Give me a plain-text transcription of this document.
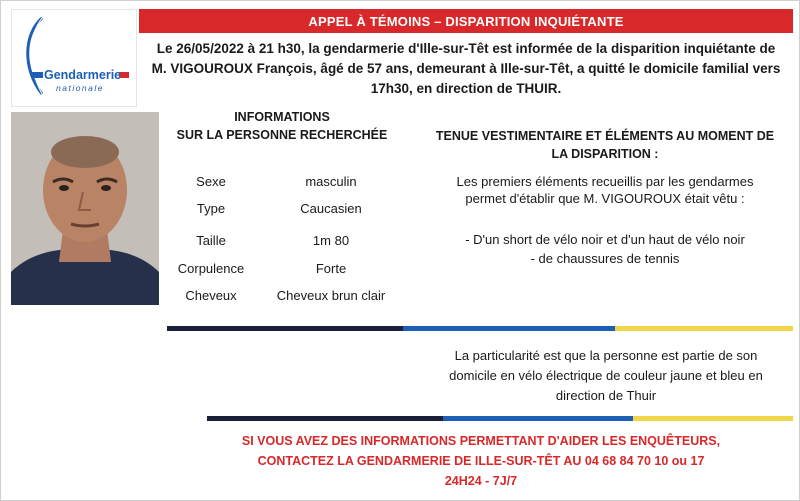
Gendarmerie
nationale
APPEL À TÉMOINS – DISPARITION INQUIÉTANTE
Le 26/05/2022 à 21 h30, la gendarmerie d'Ille-sur-Têt est informée de la disparition inquiétante de
M. VIGOUROUX François, âgé de 57 ans, demeurant à Ille-sur-Têt, a quitté le domicile familial vers
17h30, en direction de THUIR.
INFORMATIONS
SUR LA PERSONNE RECHERCHÉE
Sexe	masculin
Type	Caucasien
Taille	1m 80
Corpulence	Forte
Cheveux	Cheveux brun clair
TENUE VESTIMENTAIRE ET ÉLÉMENTS AU MOMENT DE
LA DISPARITION :
Les premiers éléments recueillis par les gendarmes
permet d'établir que M. VIGOUROUX était vêtu :
- D'un short de vélo noir et d'un haut de vélo noir
- de chaussures de tennis
La particularité est que la personne est partie de son
domicile en vélo électrique de couleur jaune et bleu en
direction de Thuir
SI VOUS AVEZ DES INFORMATIONS PERMETTANT D'AIDER LES ENQUÊTEURS,
CONTACTEZ LA GENDARMERIE DE ILLE-SUR-TÊT AU 04 68 84 70 10 ou 17
24H24 - 7J/7
